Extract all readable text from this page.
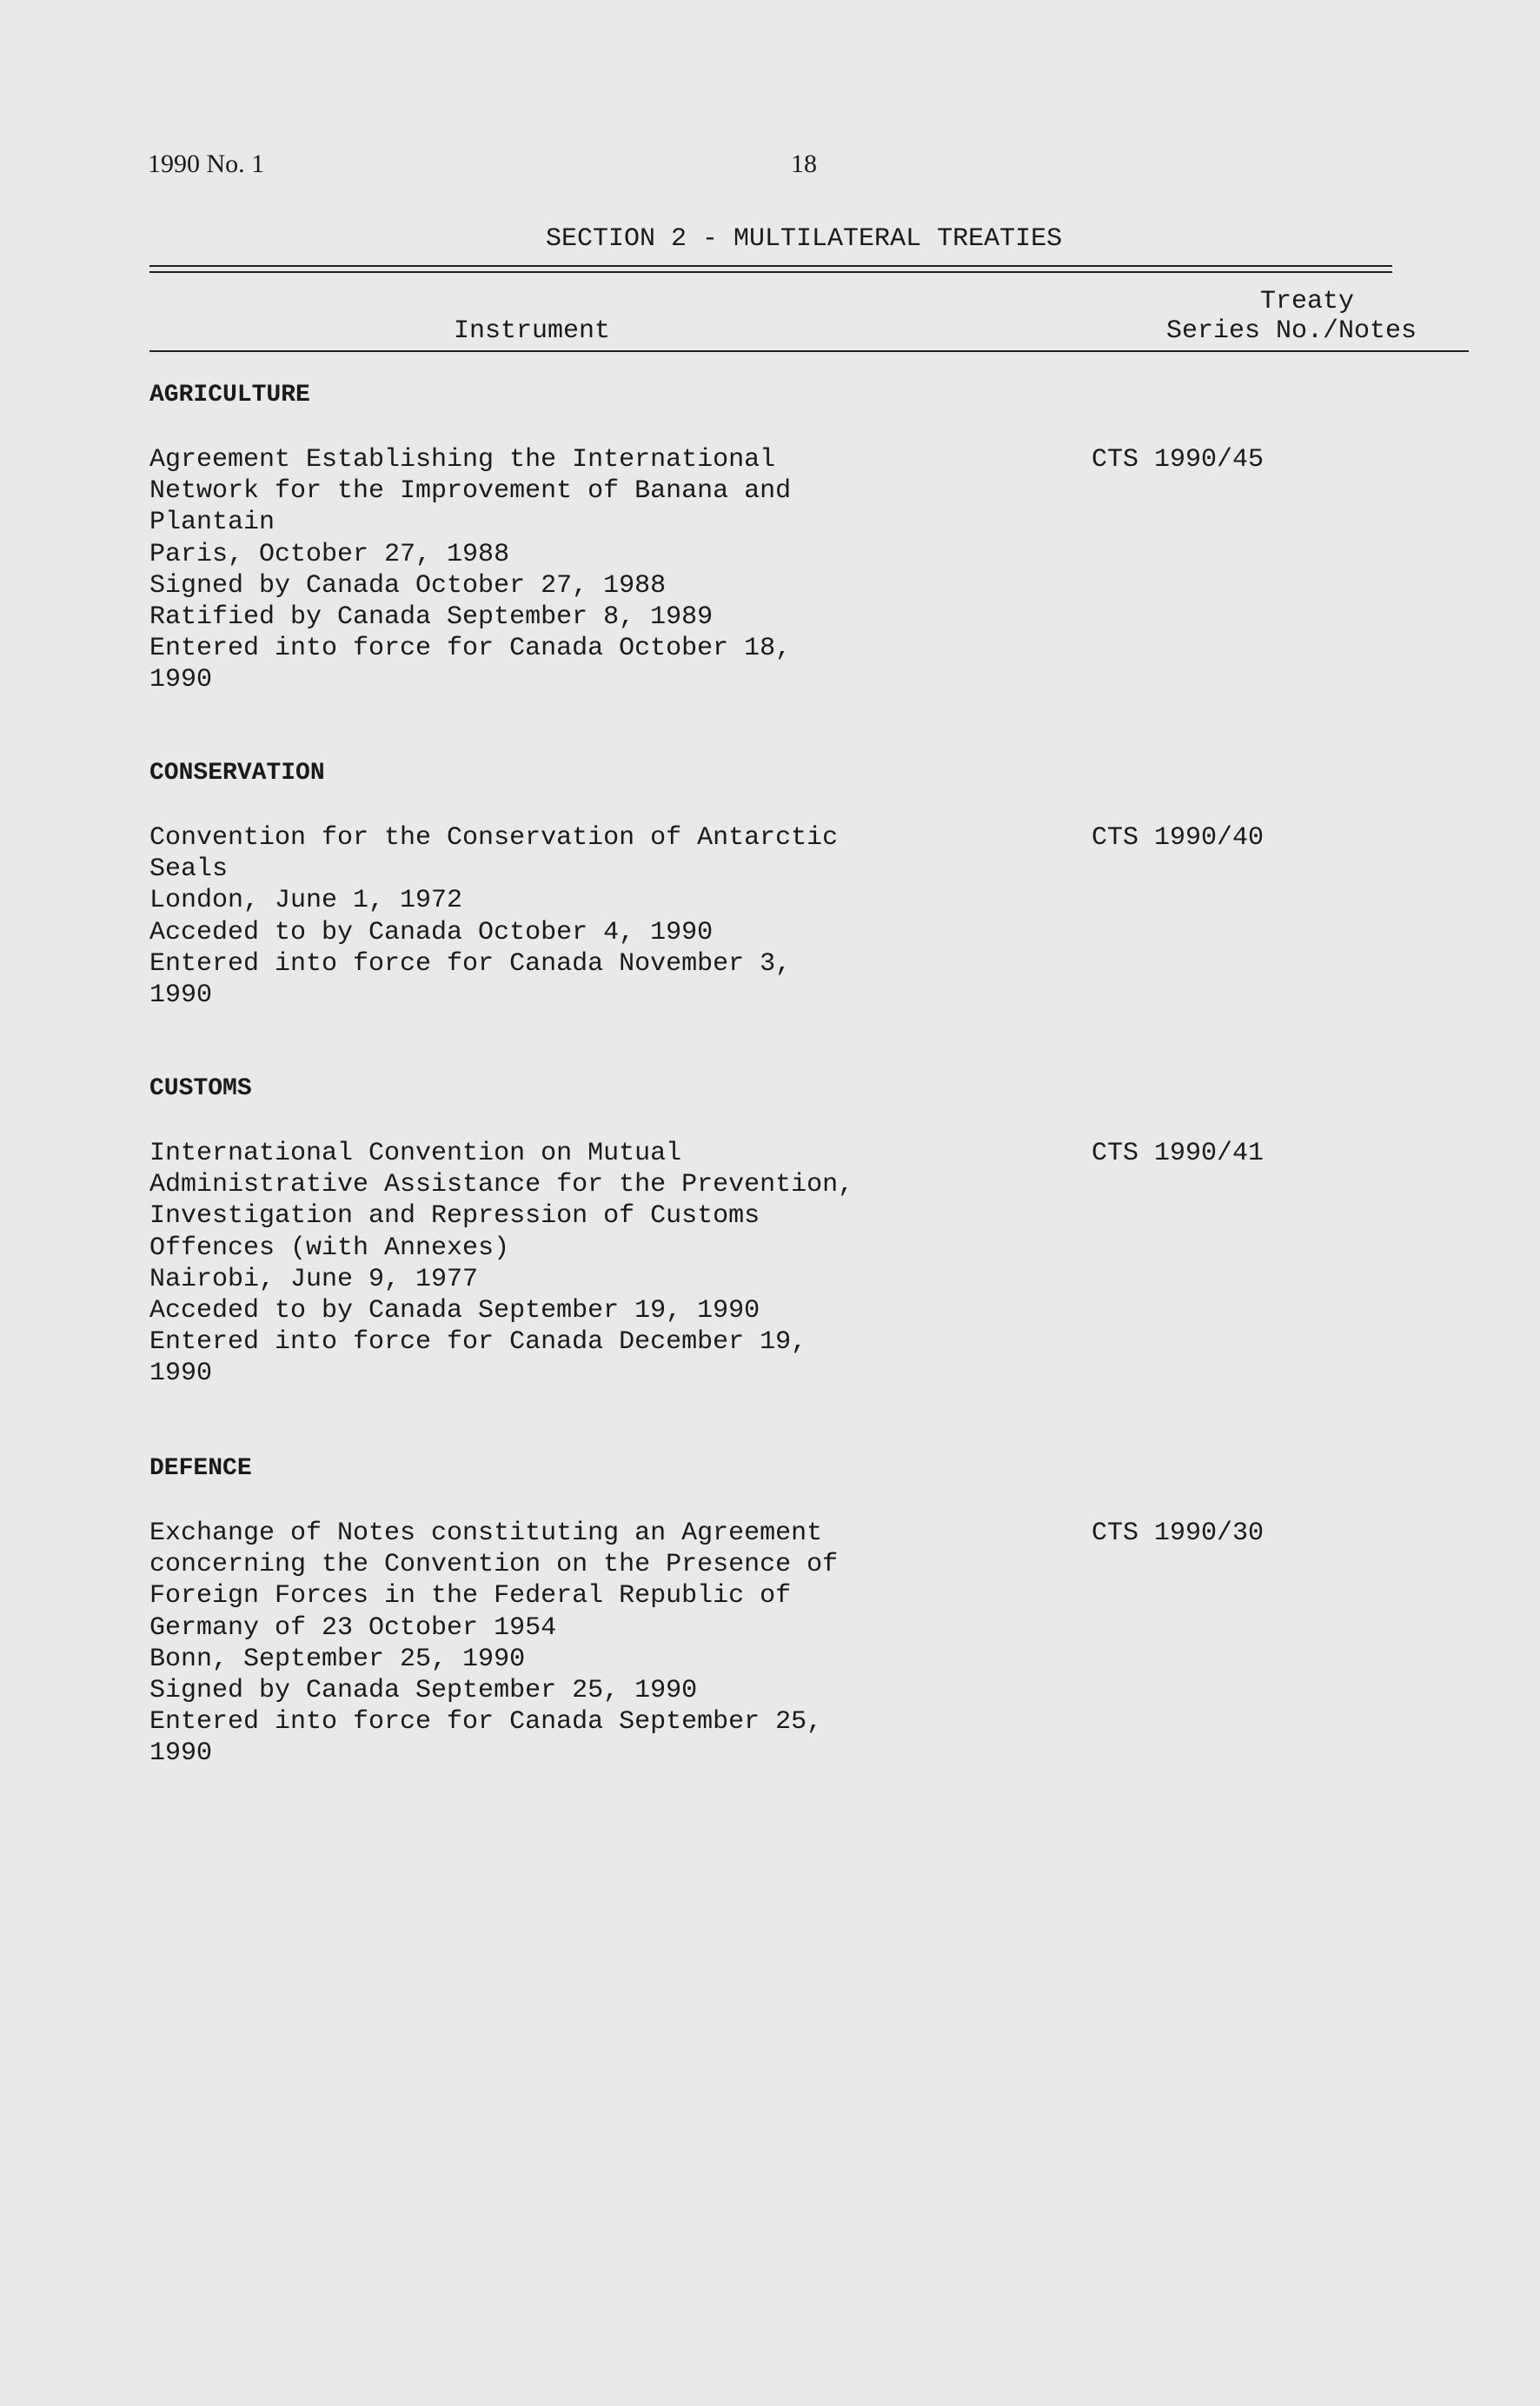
1990 No. 1	18
SECTION 2 - MULTILATERAL TREATIES
Treaty
Instrument	Series No./Notes
AGRICULTURE
Agreement Establishing the International
Network for the Improvement of Banana and
Plantain
Paris, October 27, 1988
Signed by Canada October 27, 1988
Ratified by Canada September 8, 1989
Entered into force for Canada October 18,
1990
CTS 1990/45
CONSERVATION
Convention for the Conservation of Antarctic
Seals
London, June 1, 1972
Acceded to by Canada October 4, 1990
Entered into force for Canada November 3,
1990
CTS 1990/40
CUSTOMS
International Convention on Mutual
Administrative Assistance for the Prevention,
Investigation and Repression of Customs
Offences (with Annexes)
Nairobi, June 9, 1977
Acceded to by Canada September 19, 1990
Entered into force for Canada December 19,
1990
CTS 1990/41
DEFENCE
Exchange of Notes constituting an Agreement
concerning the Convention on the Presence of
Foreign Forces in the Federal Republic of
Germany of 23 October 1954
Bonn, September 25, 1990
Signed by Canada September 25, 1990
Entered into force for Canada September 25,
1990
CTS 1990/30
